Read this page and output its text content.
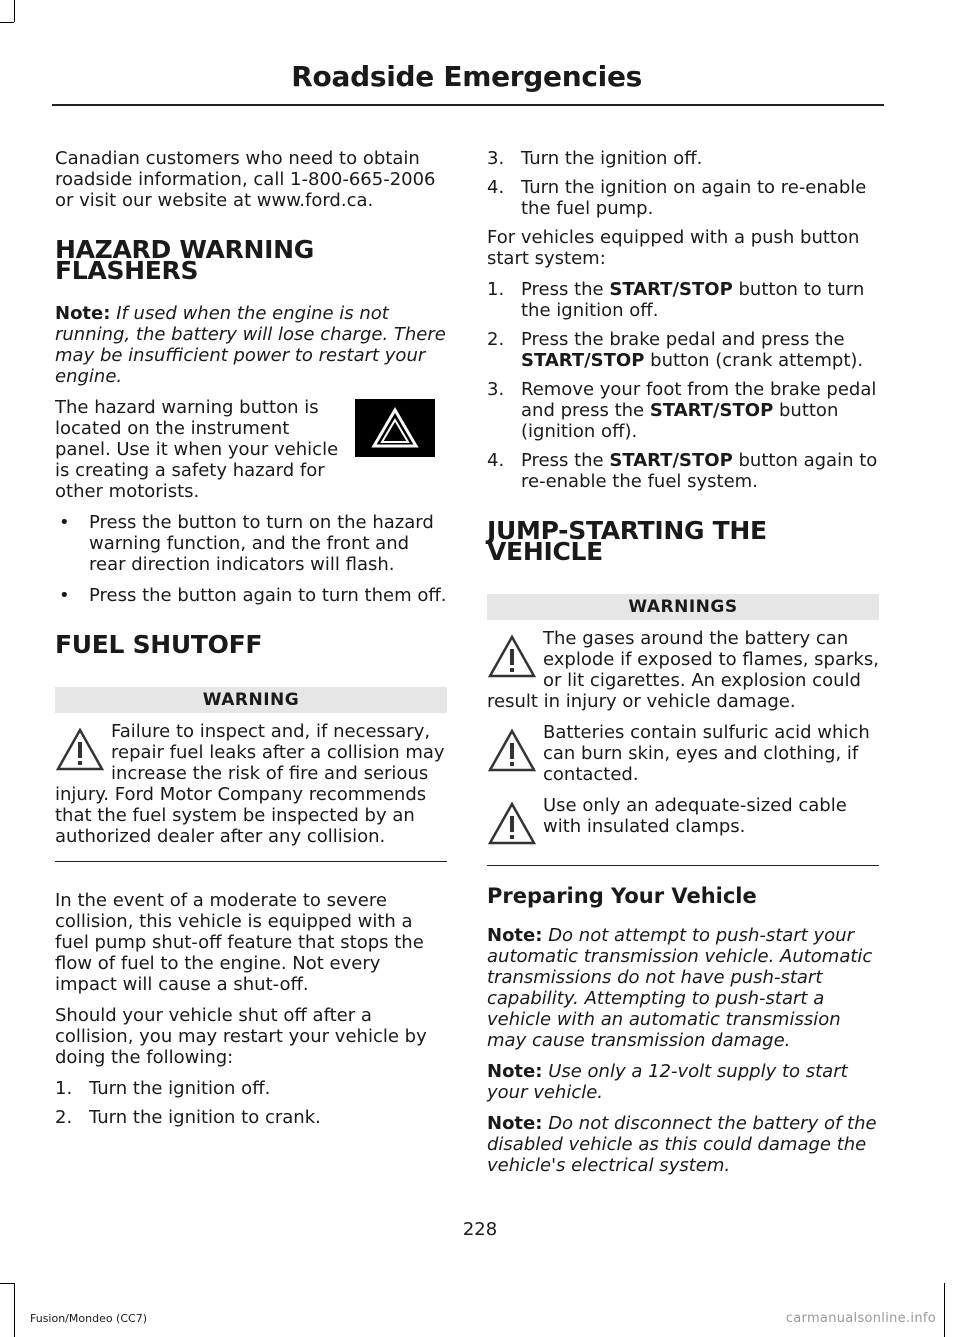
Roadside Emergencies

Canadian customers who need to obtain roadside information, call 1-800-665-2006 or visit our website at www.ford.ca.

HAZARD WARNING FLASHERS

Note: If used when the engine is not running, the battery will lose charge. There may be insufficient power to restart your engine.

The hazard warning button is located on the instrument panel. Use it when your vehicle is creating a safety hazard for other motorists.
• Press the button to turn on the hazard warning function, and the front and rear direction indicators will flash.
• Press the button again to turn them off.
FUEL SHUTOFF
WARNING
Failure to inspect and, if necessary, repair fuel leaks after a collision may increase the risk of fire and serious injury. Ford Motor Company recommends that the fuel system be inspected by an authorized dealer after any collision.

In the event of a moderate to severe collision, this vehicle is equipped with a fuel pump shut-off feature that stops the flow of fuel to the engine. Not every impact will cause a shut-off.

Should your vehicle shut off after a collision, you may restart your vehicle by doing the following:

1. Turn the ignition off.
2. Turn the ignition to crank.
3. Turn the ignition off.
4. Turn the ignition on again to re-enable the fuel pump.

For vehicles equipped with a push button start system:

1. Press the START/STOP button to turn the ignition off.
2. Press the brake pedal and press the START/STOP button (crank attempt).
3. Remove your foot from the brake pedal and press the START/STOP button (ignition off).
4. Press the START/STOP button again to re-enable the fuel system.
JUMP-STARTING THE VEHICLE
WARNINGS
The gases around the battery can explode if exposed to flames, sparks, or lit cigarettes. An explosion could result in injury or vehicle damage.
Batteries contain sulfuric acid which can burn skin, eyes and clothing, if contacted.
Use only an adequate-sized cable with insulated clamps.
Preparing Your Vehicle

Note: Do not attempt to push-start your automatic transmission vehicle. Automatic transmissions do not have push-start capability. Attempting to push-start a vehicle with an automatic transmission may cause transmission damage.

Note: Use only a 12-volt supply to start your vehicle.

Note: Do not disconnect the battery of the disabled vehicle as this could damage the vehicle's electrical system.

228
Fusion/Mondeo (CC7)	carmanualsonline.info
